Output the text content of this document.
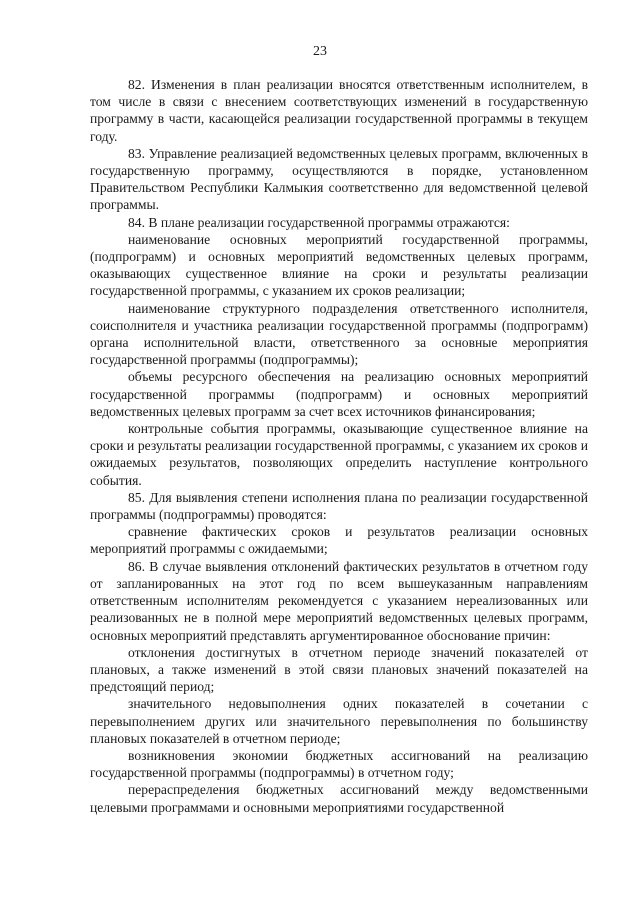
23

82. Изменения в план реализации вносятся ответственным исполнителем, в том числе в связи с внесением соответствующих изменений в государственную программу в части, касающейся реализации государственной программы в текущем году.

83. Управление реализацией ведомственных целевых программ, включенных в государственную программу, осуществляются в порядке, установленном Правительством Республики Калмыкия соответственно для ведомственной целевой программы.

84. В плане реализации государственной программы отражаются:

наименование основных мероприятий государственной программы, (подпрограмм) и основных мероприятий ведомственных целевых программ, оказывающих существенное влияние на сроки и результаты реализации государственной программы, с указанием их сроков реализации;

наименование структурного подразделения ответственного исполнителя, соисполнителя и участника реализации государственной программы (подпрограмм) органа исполнительной власти, ответственного за основные мероприятия государственной программы (подпрограммы);

объемы ресурсного обеспечения на реализацию основных мероприятий государственной программы (подпрограмм) и основных мероприятий ведомственных целевых программ за счет всех источников финансирования;

контрольные события программы, оказывающие существенное влияние на сроки и результаты реализации государственной программы, с указанием их сроков и ожидаемых результатов, позволяющих определить наступление контрольного события.

85. Для выявления степени исполнения плана по реализации государственной программы (подпрограммы) проводятся:

сравнение фактических сроков и результатов реализации основных мероприятий программы с ожидаемыми;

86. В случае выявления отклонений фактических результатов в отчетном году от запланированных на этот год по всем вышеуказанным направлениям ответственным исполнителям рекомендуется с указанием нереализованных или реализованных не в полной мере мероприятий ведомственных целевых программ, основных мероприятий представлять аргументированное обоснование причин:

отклонения достигнутых в отчетном периоде значений показателей от плановых, а также изменений в этой связи плановых значений показателей на предстоящий период;

значительного недовыполнения одних показателей в сочетании с перевыполнением других или значительного перевыполнения по большинству плановых показателей в отчетном периоде;

возникновения экономии бюджетных ассигнований на реализацию государственной программы (подпрограммы) в отчетном году;

перераспределения бюджетных ассигнований между ведомственными целевыми программами и основными мероприятиями государственной
